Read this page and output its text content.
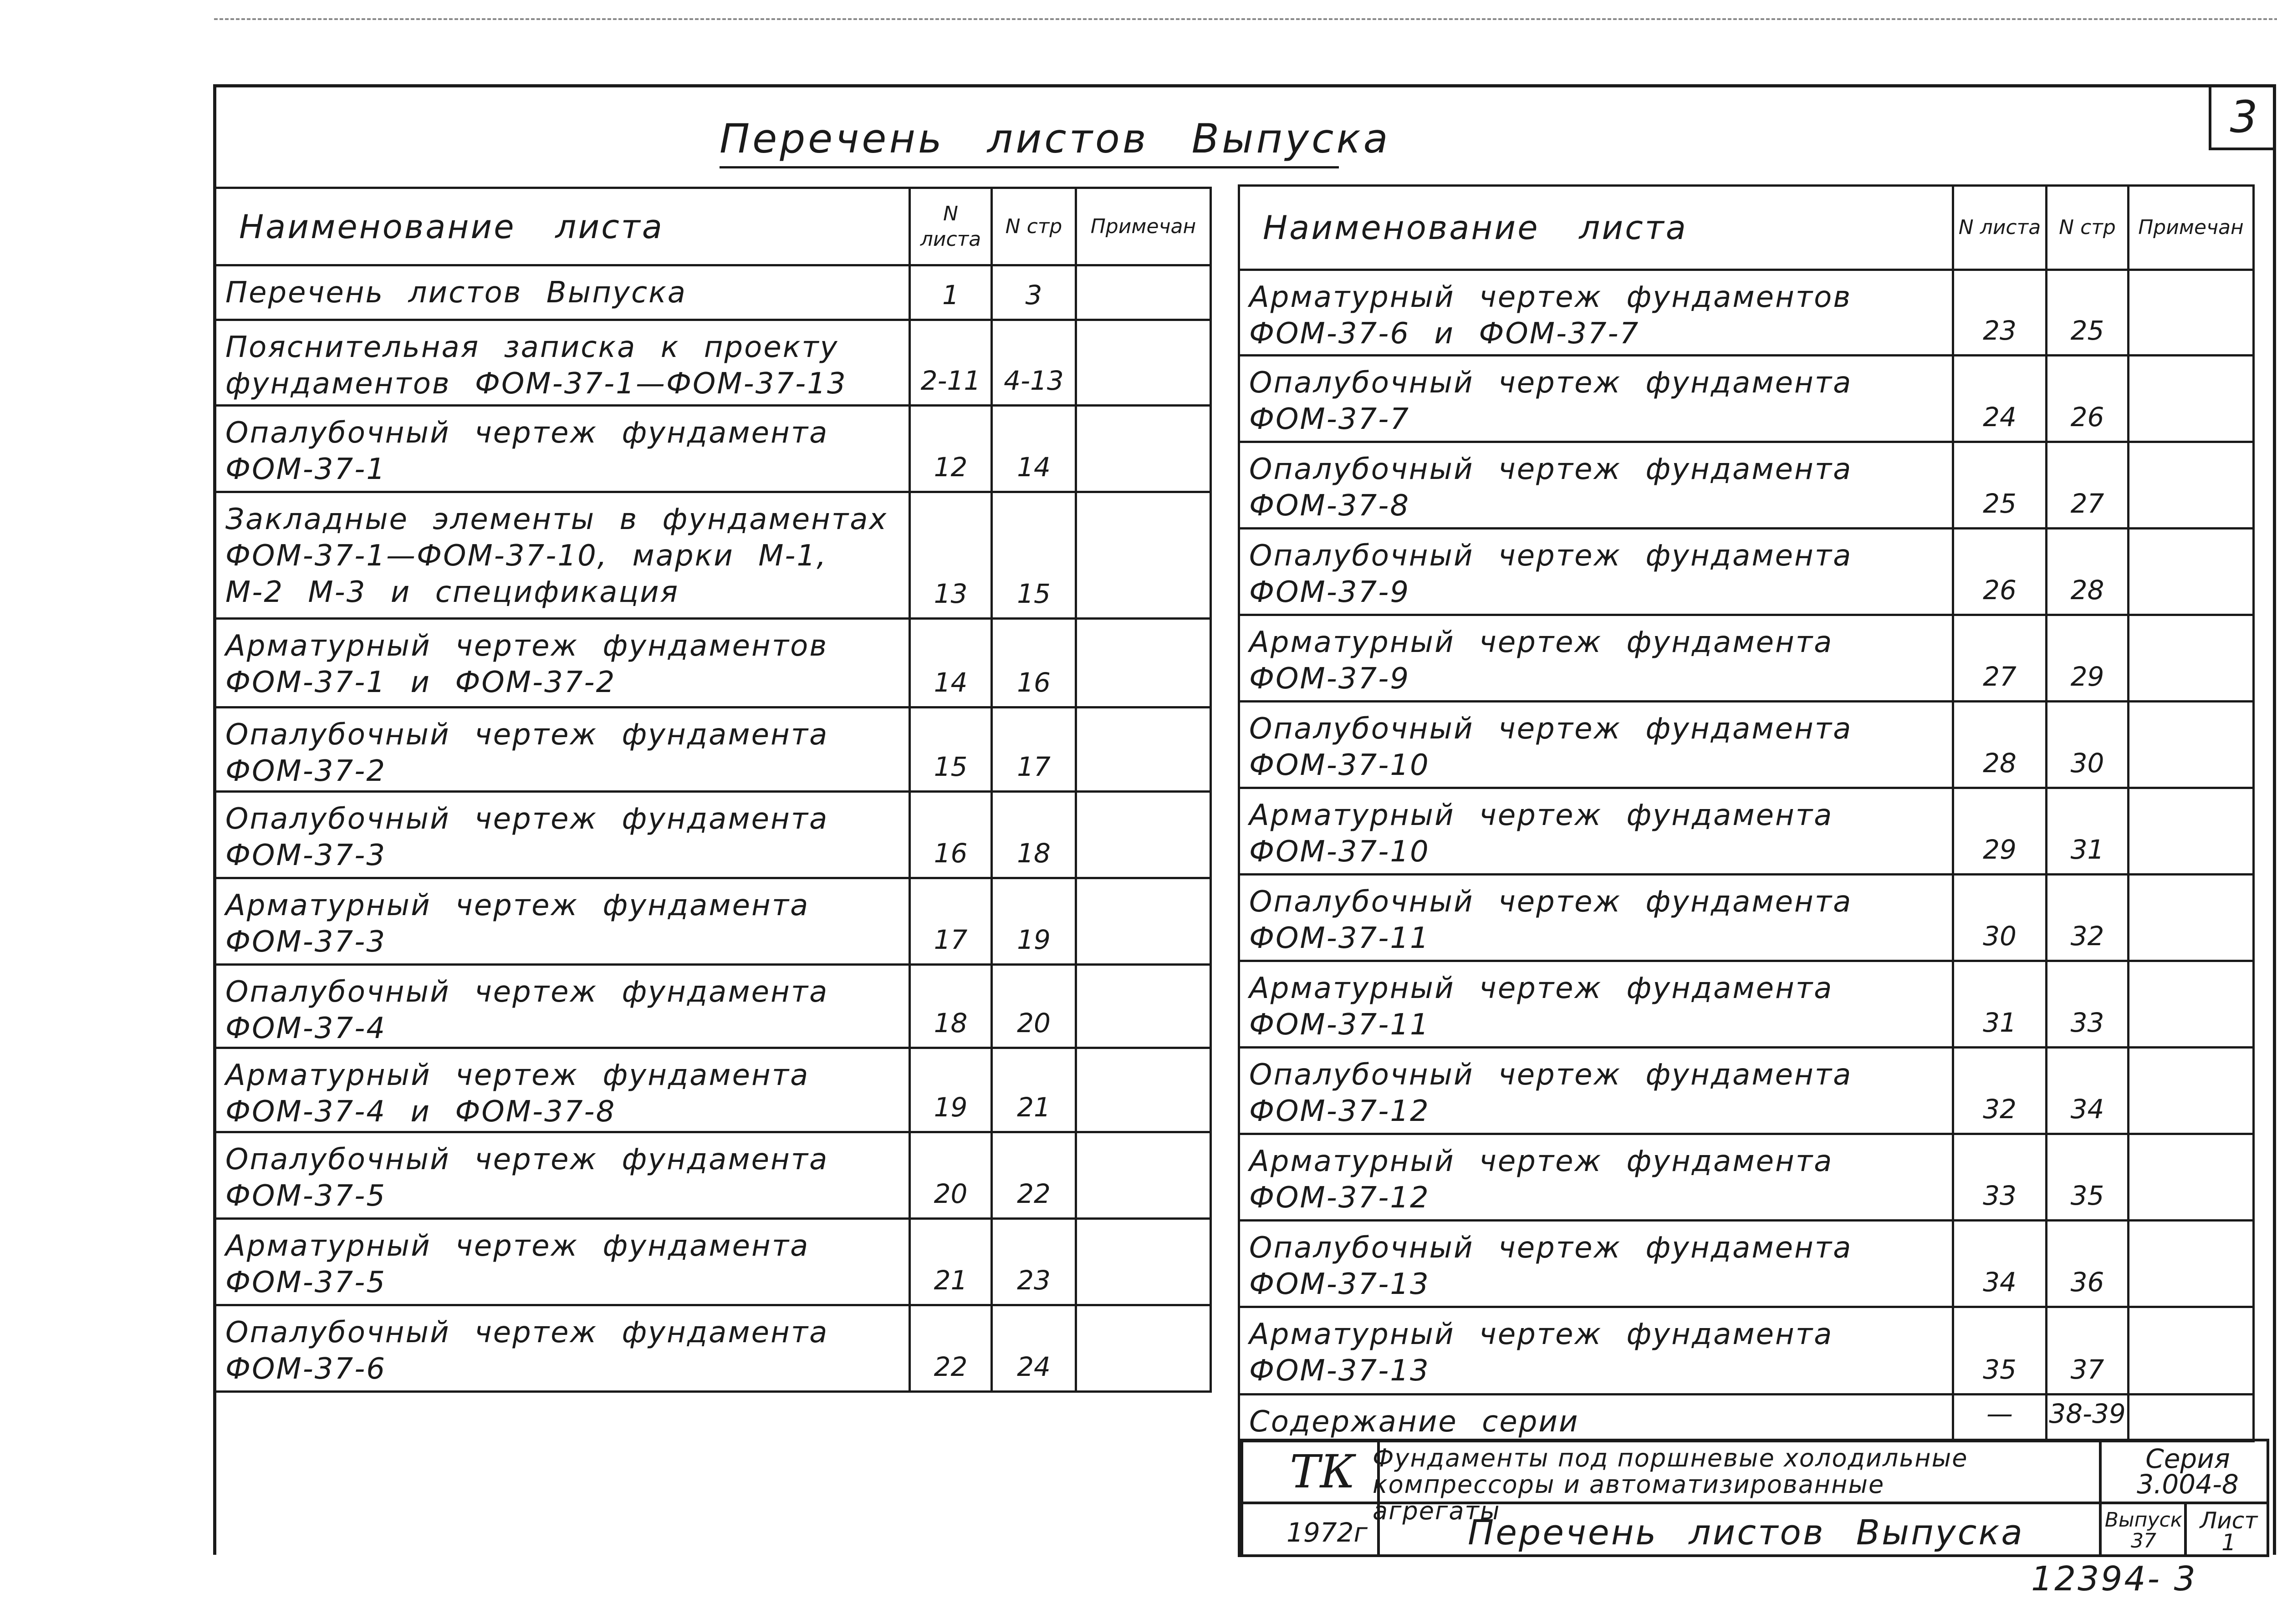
3
Перечень листов Выпуска
Наименование листа	N листа	N стр	Примечан
Перечень листов Выпуска	1	3	
Пояснительная записка к проекту фундаментов ФОМ-37-1—ФОМ-37-13	2-11	4-13	
Опалубочный чертеж фундамента ФОМ-37-1	12	14	
Закладные элементы в фундаментах ФОМ-37-1—ФОМ-37-10, марки М-1, М-2 М-3 и спецификация	13	15	
Арматурный чертеж фундаментов ФОМ-37-1 и ФОМ-37-2	14	16	
Опалубочный чертеж фундамента ФОМ-37-2	15	17	
Опалубочный чертеж фундамента ФОМ-37-3	16	18	
Арматурный чертеж фундамента ФОМ-37-3	17	19	
Опалубочный чертеж фундамента ФОМ-37-4	18	20	
Арматурный чертеж фундамента ФОМ-37-4 и ФОМ-37-8	19	21	
Опалубочный чертеж фундамента ФОМ-37-5	20	22	
Арматурный чертеж фундамента ФОМ-37-5	21	23	
Опалубочный чертеж фундамента ФОМ-37-6	22	24	
Наименование листа	N листа	N стр	Примечан
Арматурный чертеж фундаментов ФОМ-37-6 и ФОМ-37-7	23	25	
Опалубочный чертеж фундамента ФОМ-37-7	24	26	
Опалубочный чертеж фундамента ФОМ-37-8	25	27	
Опалубочный чертеж фундамента ФОМ-37-9	26	28	
Арматурный чертеж фундамента ФОМ-37-9	27	29	
Опалубочный чертеж фундамента ФОМ-37-10	28	30	
Арматурный чертеж фундамента ФОМ-37-10	29	31	
Опалубочный чертеж фундамента ФОМ-37-11	30	32	
Арматурный чертеж фундамента ФОМ-37-11	31	33	
Опалубочный чертеж фундамента ФОМ-37-12	32	34	
Арматурный чертеж фундамента ФОМ-37-12	33	35	
Опалубочный чертеж фундамента ФОМ-37-13	34	36	
Арматурный чертеж фундамента ФОМ-37-13	35	37	
Содержание серии	—	38-39	
ТК Фундаменты под поршневые холодильные компрессоры и автоматизированные агрегаты
Серия
3.004-8
1972г	Перечень листов Выпуска	Выпуск
37
Лист
1
12394- 3
